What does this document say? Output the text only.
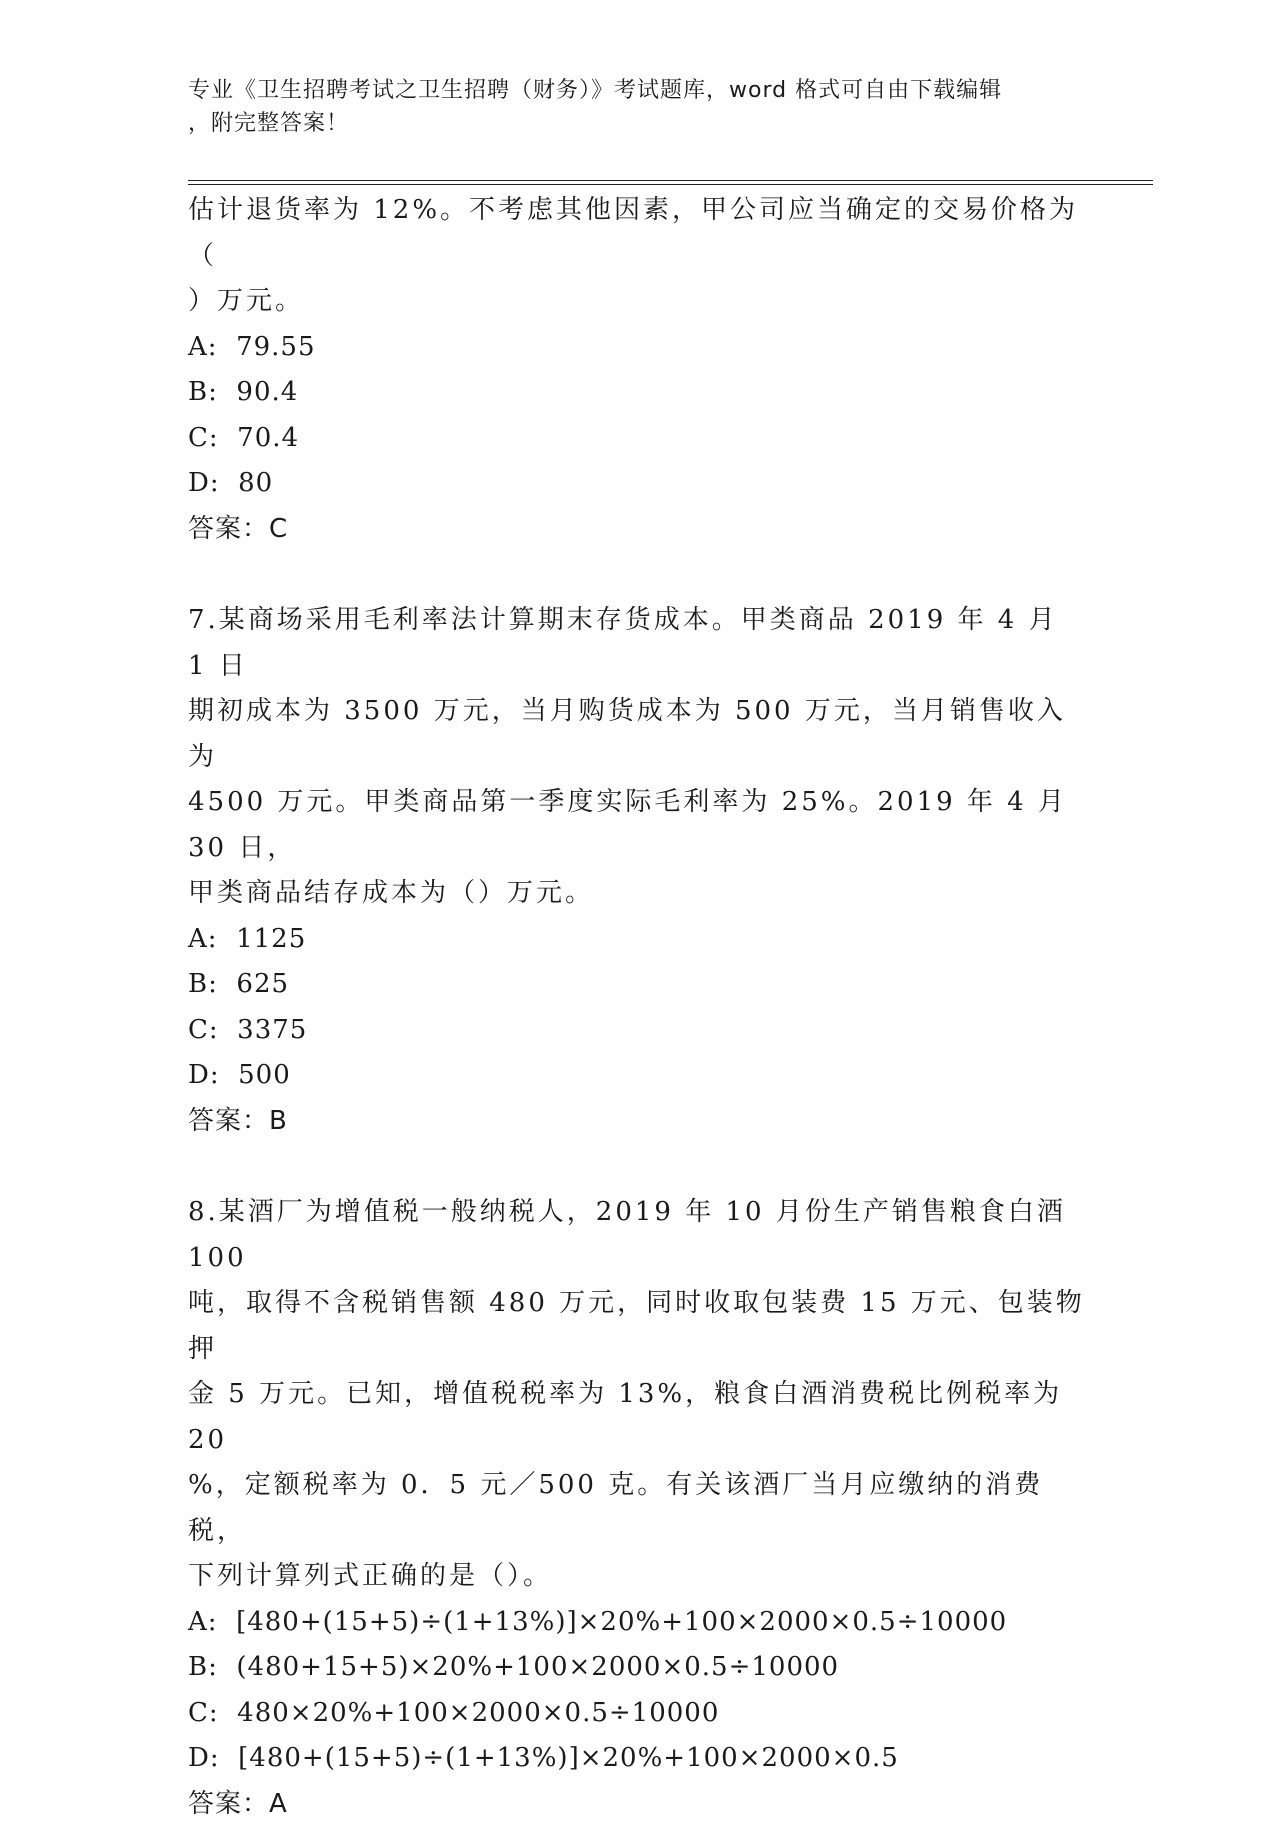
专业《卫生招聘考试之卫生招聘（财务）》考试题库，word 格式可自由下载编辑
，附完整答案！

估计退货率为 12%。不考虑其他因素，甲公司应当确定的交易价格为（

）万元。

A:  79.55

B:  90.4

C:  70.4

D:  80

答案：C

7.某商场采用毛利率法计算期末存货成本。甲类商品 2019 年 4 月 1 日

期初成本为 3500 万元，当月购货成本为 500 万元，当月销售收入为

4500 万元。甲类商品第一季度实际毛利率为 25%。2019 年 4 月 30 日，

甲类商品结存成本为（）万元。

A:  1125

B:  625

C:  3375

D:  500

答案：B

8.某酒厂为增值税一般纳税人，2019 年 10 月份生产销售粮食白酒 100

吨，取得不含税销售额 480 万元，同时收取包装费 15 万元、包装物押

金 5 万元。已知，增值税税率为 13%，粮食白酒消费税比例税率为 20

%，定额税率为 0．5 元／500 克。有关该酒厂当月应缴纳的消费税，

下列计算列式正确的是（）。

A:  [480+(15+5)÷(1+13%)]×20%+100×2000×0.5÷10000

B:  (480+15+5)×20%+100×2000×0.5÷10000

C:  480×20%+100×2000×0.5÷10000

D:  [480+(15+5)÷(1+13%)]×20%+100×2000×0.5

答案：A
